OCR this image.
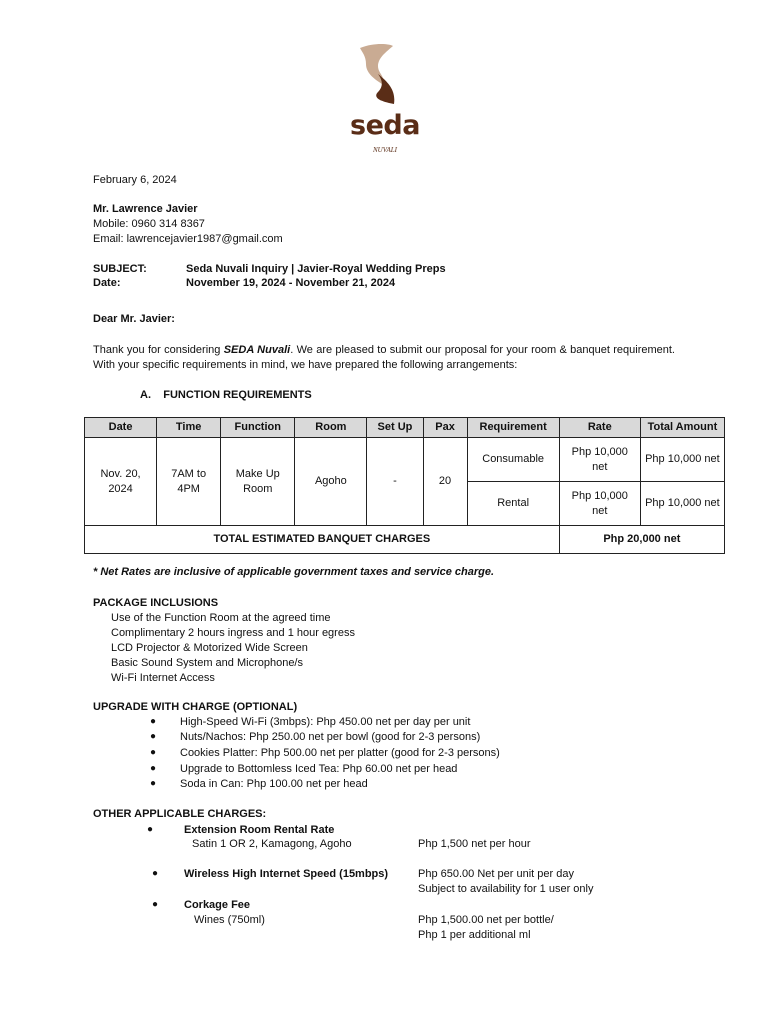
seda
NUVALI
February 6, 2024
Mr. Lawrence Javier
Mobile: 0960 314 8367
Email: lawrencejavier1987@gmail.com
SUBJECT:	Seda Nuvali Inquiry | Javier-Royal Wedding Preps
Date:	November 19, 2024 - November 21, 2024
Dear Mr. Javier:
Thank you for considering SEDA Nuvali. We are pleased to submit our proposal for your room & banquet requirement. With your specific requirements in mind, we have prepared the following arrangements:
A.    FUNCTION REQUIREMENTS
Date	Time	Function	Room	Set Up	Pax	Requirement	Rate	Total Amount
Nov. 20, 2024	7AM to 4PM	Make Up Room	Agoho	-	20	Consumable	Php 10,000 net	Php 10,000 net
						Rental	Php 10,000 net	Php 10,000 net
TOTAL ESTIMATED BANQUET CHARGES							Php 20,000 net	
* Net Rates are inclusive of applicable government taxes and service charge.
PACKAGE INCLUSIONS
Use of the Function Room at the agreed time
Complimentary 2 hours ingress and 1 hour egress
LCD Projector & Motorized Wide Screen
Basic Sound System and Microphone/s
Wi-Fi Internet Access
UPGRADE WITH CHARGE (OPTIONAL)
● High-Speed Wi-Fi (3mbps): Php 450.00 net per day per unit
● Nuts/Nachos: Php 250.00 net per bowl (good for 2-3 persons)
● Cookies Platter: Php 500.00 net per platter (good for 2-3 persons)
● Upgrade to Bottomless Iced Tea: Php 60.00 net per head
● Soda in Can: Php 100.00 net per head
OTHER APPLICABLE CHARGES:
●	Extension Room Rental Rate
Satin 1 OR 2, Kamagong, Agoho	Php 1,500 net per hour
● Wireless High Internet Speed (15mbps)	Php 650.00 Net per unit per day
Subject to availability for 1 user only
● Corkage Fee
Wines (750ml)	Php 1,500.00 net per bottle/
Php 1 per additional ml
